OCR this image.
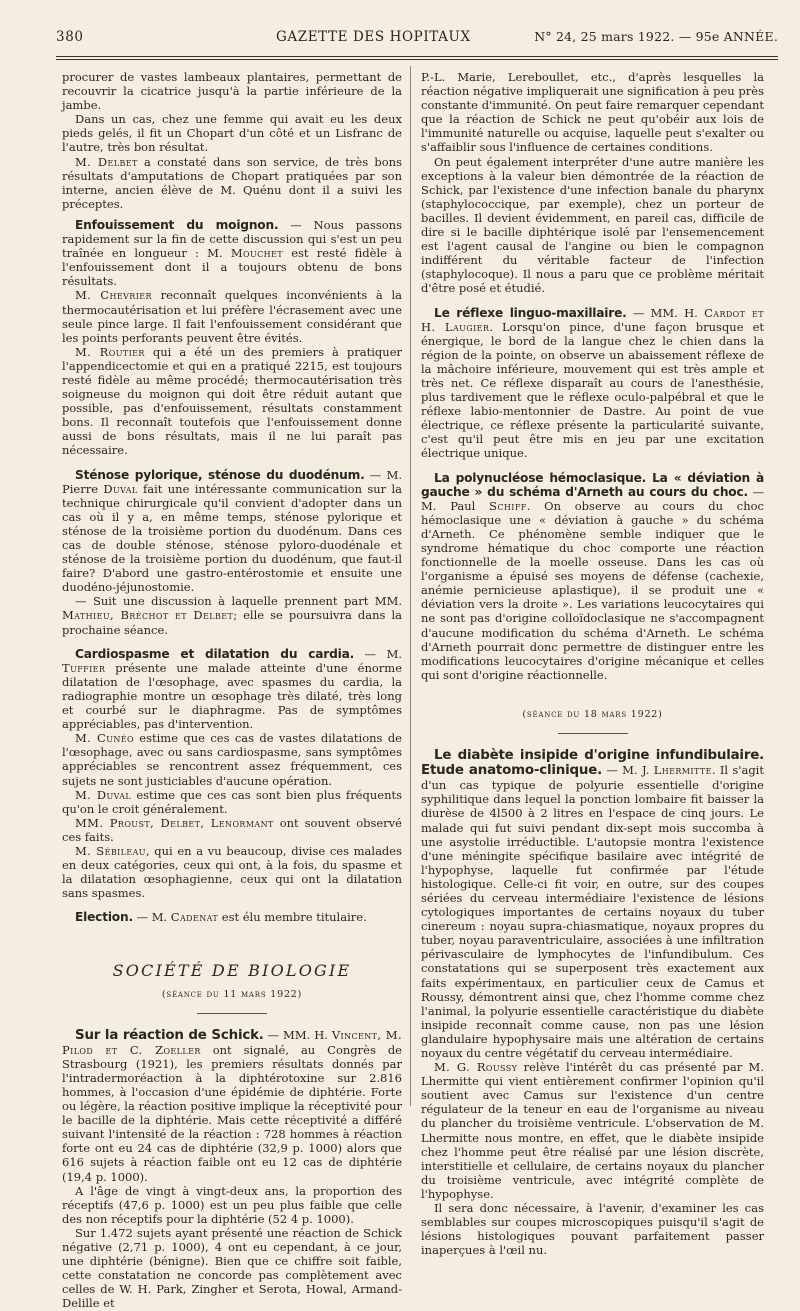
380	GAZETTE DES HOPITAUX	N° 24, 25 mars 1922. — 95e ANNÉE.

procurer de vastes lambeaux plantaires, permettant de recouvrir la cicatrice jusqu'à la partie inférieure de la jambe.

Dans un cas, chez une femme qui avait eu les deux pieds gelés, il fit un Chopart d'un côté et un Lisfranc de l'autre, très bon résultat.

M. Delbet a constaté dans son service, de très bons résultats d'amputations de Chopart pratiquées par son interne, ancien élève de M. Quénu dont il a suivi les préceptes.

Enfouissement du moignon. — Nous passons rapidement sur la fin de cette discussion qui s'est un peu traînée en longueur : M. Mouchet est resté fidèle à l'enfouissement dont il a toujours obtenu de bons résultats.

M. Chevrier reconnaît quelques inconvénients à la thermocautérisation et lui préfère l'écrasement avec une seule pince large. Il fait l'enfouissement considérant que les points perforants peuvent être évités.

M. Routier qui a été un des premiers à pratiquer l'appendicectomie et qui en a pratiqué 2215, est toujours resté fidèle au même procédé; thermocautérisation très soigneuse du moignon qui doit être réduit autant que possible, pas d'enfouissement, résultats constamment bons. Il reconnaît toutefois que l'enfouissement donne aussi de bons résultats, mais il ne lui paraît pas nécessaire.

Sténose pylorique, sténose du duodénum. — M. Pierre Duval fait une intéressante communication sur la technique chirurgicale qu'il convient d'adopter dans un cas où il y a, en même temps, sténose pylorique et sténose de la troisième portion du duodénum. Dans ces cas de double sténose, sténose pyloro-duodénale et sténose de la troisième portion du duodénum, que faut-il faire? D'abord une gastro-entérostomie et ensuite une duodéno-jéjunostomie.

— Suit une discussion à laquelle prennent part MM. Mathieu, Bréchot et Delbet; elle se poursuivra dans la prochaine séance.

Cardiospasme et dilatation du cardia. — M. Tuffier présente une malade atteinte d'une énorme dilatation de l'œsophage, avec spasmes du cardia, la radiographie montre un œsophage très dilaté, très long et courbé sur le diaphragme. Pas de symptômes appréciables, pas d'intervention.

M. Cunéo estime que ces cas de vastes dilatations de l'œsophage, avec ou sans cardiospasme, sans symptômes appréciables se rencontrent assez fréquemment, ces sujets ne sont justiciables d'aucune opération.

M. Duval estime que ces cas sont bien plus fréquents qu'on le croit généralement.

MM. Proust, Delbet, Lenormant ont souvent observé ces faits.

M. Sébileau, qui en a vu beaucoup, divise ces malades en deux catégories, ceux qui ont, à la fois, du spasme et la dilatation œsophagienne, ceux qui ont la dilatation sans spasmes.

Election. — M. Cadenat est élu membre titulaire.

SOCIÉTÉ DE BIOLOGIE

(séance du 11 mars 1922)

Sur la réaction de Schick. — MM. H. Vincent, M. Pilod et C. Zoeller ont signalé, au Congrès de Strasbourg (1921), les premiers résultats donnés par l'intradermoréaction à la diphtérotoxine sur 2.816 hommes, à l'occasion d'une épidémie de diphtérie. Forte ou légère, la réaction positive implique la réceptivité pour le bacille de la diphtérie. Mais cette réceptivité a différé suivant l'intensité de la réaction : 728 hommes à réaction forte ont eu 24 cas de diphtérie (32,9 p. 1000) alors que 616 sujets à réaction faible ont eu 12 cas de diphtérie (19,4 p. 1000).

A l'âge de vingt à vingt-deux ans, la proportion des réceptifs (47,6 p. 1000) est un peu plus faible que celle des non réceptifs pour la diphtérie (52 4 p. 1000).

Sur 1.472 sujets ayant présenté une réaction de Schick négative (2,71 p. 1000), 4 ont eu cependant, à ce jour, une diphtérie (bénigne). Bien que ce chiffre soit faible, cette constatation ne concorde pas complètement avec celles de W. H. Park, Zingher et Serota, Howal, Armand-Delille et

P.-L. Marie, Lereboullet, etc., d'après lesquelles la réaction négative impliquerait une signification à peu près constante d'immunité. On peut faire remarquer cependant que la réaction de Schick ne peut qu'obéir aux lois de l'immunité naturelle ou acquise, laquelle peut s'exalter ou s'affaiblir sous l'influence de certaines conditions.

On peut également interpréter d'une autre manière les exceptions à la valeur bien démontrée de la réaction de Schick, par l'existence d'une infection banale du pharynx (staphylococcique, par exemple), chez un porteur de bacilles. Il devient évidemment, en pareil cas, difficile de dire si le bacille diphtérique isolé par l'ensemencement est l'agent causal de l'angine ou bien le compagnon indifférent du véritable facteur de l'infection (staphylocoque). Il nous a paru que ce problème méritait d'être posé et étudié.

Le réflexe linguo-maxillaire. — MM. H. Cardot et H. Laugier. Lorsqu'on pince, d'une façon brusque et énergique, le bord de la langue chez le chien dans la région de la pointe, on observe un abaissement réflexe de la mâchoire inférieure, mouvement qui est très ample et très net. Ce réflexe disparaît au cours de l'anesthésie, plus tardivement que le réflexe oculo-palpébral et que le réflexe labio-mentonnier de Dastre. Au point de vue électrique, ce réflexe présente la particularité suivante, c'est qu'il peut être mis en jeu par une excitation électrique unique.

La polynucléose hémoclasique. La « déviation à gauche » du schéma d'Arneth au cours du choc. — M. Paul Schiff. On observe au cours du choc hémoclasique une « déviation à gauche » du schéma d'Arneth. Ce phénomène semble indiquer que le syndrome hématique du choc comporte une réaction fonctionnelle de la moelle osseuse. Dans les cas où l'organisme a épuisé ses moyens de défense (cachexie, anémie pernicieuse aplastique), il se produit une « déviation vers la droite ». Les variations leucocytaires qui ne sont pas d'origine colloïdoclasique ne s'accompagnent d'aucune modification du schéma d'Arneth. Le schéma d'Arneth pourrait donc permettre de distinguer entre les modifications leucocytaires d'origine mécanique et celles qui sont d'origine réactionnelle.

(séance du 18 mars 1922)

Le diabète insipide d'origine infundibulaire. Etude anatomo-clinique. — M. J. Lhermitte. Il s'agit d'un cas typique de polyurie essentielle d'origine syphilitique dans lequel la ponction lombaire fit baisser la diurèse de 4l500 à 2 litres en l'espace de cinq jours. Le malade qui fut suivi pendant dix-sept mois succomba à une asystolie irréductible. L'autopsie montra l'existence d'une méningite spécifique basilaire avec intégrité de l'hypophyse, laquelle fut confirmée par l'étude histologique. Celle-ci fit voir, en outre, sur des coupes sériées du cerveau intermédiaire l'existence de lésions cytologiques importantes de certains noyaux du tuber cinereum : noyau supra-chiasmatique, noyaux propres du tuber, noyau paraventriculaire, associées à une infiltration périvasculaire de lymphocytes de l'infundibulum. Ces constatations qui se superposent très exactement aux faits expérimentaux, en particulier ceux de Camus et Roussy, démontrent ainsi que, chez l'homme comme chez l'animal, la polyurie essentielle caractéristique du diabète insipide reconnaît comme cause, non pas une lésion glandulaire hypophysaire mais une altération de certains noyaux du centre végétatif du cerveau intermédiaire.

M. G. Roussy relève l'intérêt du cas présenté par M. Lhermitte qui vient entièrement confirmer l'opinion qu'il soutient avec Camus sur l'existence d'un centre régulateur de la teneur en eau de l'organisme au niveau du plancher du troisième ventricule. L'observation de M. Lhermitte nous montre, en effet, que le diabète insipide chez l'homme peut être réalisé par une lésion discrète, interstitielle et cellulaire, de certains noyaux du plancher du troisième ventricule, avec intégrité complète de l'hypophyse.

Il sera donc nécessaire, à l'avenir, d'examiner les cas semblables sur coupes microscopiques puisqu'il s'agit de lésions histologiques pouvant parfaitement passer inaperçues à l'œil nu.
